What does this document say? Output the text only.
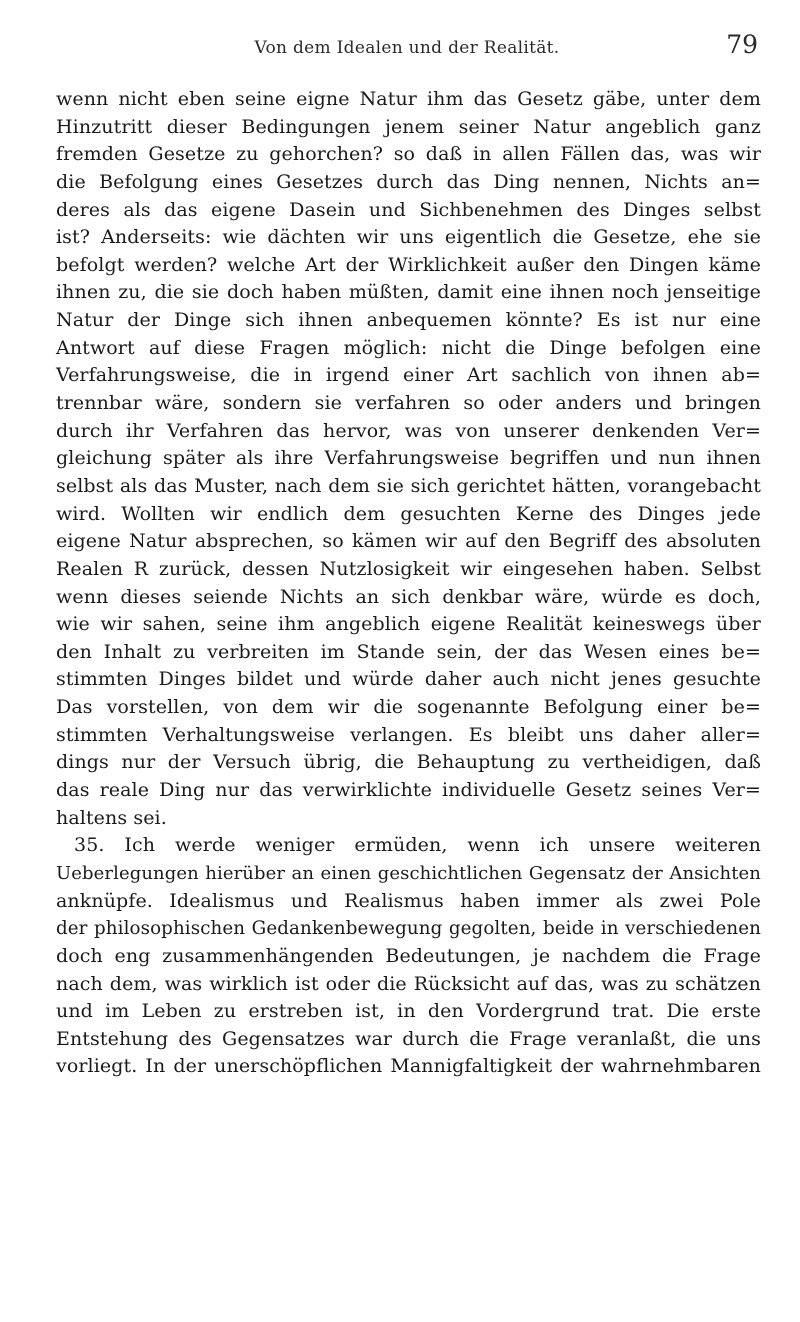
Von dem Idealen und der Realität.	79
wenn nicht eben seine eigne Natur ihm das Gesetz gäbe, unter dem
Hinzutritt dieser Bedingungen jenem seiner Natur angeblich ganz
fremden Gesetze zu gehorchen? so daß in allen Fällen das, was wir
die Befolgung eines Gesetzes durch das Ding nennen, Nichts an=
deres als das eigene Dasein und Sichbenehmen des Dinges selbst
ist? Anderseits: wie dächten wir uns eigentlich die Gesetze, ehe sie
befolgt werden? welche Art der Wirklichkeit außer den Dingen käme
ihnen zu, die sie doch haben müßten, damit eine ihnen noch jenseitige
Natur der Dinge sich ihnen anbequemen könnte? Es ist nur eine
Antwort auf diese Fragen möglich: nicht die Dinge befolgen eine
Verfahrungsweise, die in irgend einer Art sachlich von ihnen ab=
trennbar wäre, sondern sie verfahren so oder anders und bringen
durch ihr Verfahren das hervor, was von unserer denkenden Ver=
gleichung später als ihre Verfahrungsweise begriffen und nun ihnen
selbst als das Muster, nach dem sie sich gerichtet hätten, vorangebacht
wird. Wollten wir endlich dem gesuchten Kerne des Dinges jede
eigene Natur absprechen, so kämen wir auf den Begriff des absoluten
Realen R zurück, dessen Nutzlosigkeit wir eingesehen haben. Selbst
wenn dieses seiende Nichts an sich denkbar wäre, würde es doch,
wie wir sahen, seine ihm angeblich eigene Realität keineswegs über
den Inhalt zu verbreiten im Stande sein, der das Wesen eines be=
stimmten Dinges bildet und würde daher auch nicht jenes gesuchte
Das vorstellen, von dem wir die sogenannte Befolgung einer be=
stimmten Verhaltungsweise verlangen. Es bleibt uns daher aller=
dings nur der Versuch übrig, die Behauptung zu vertheidigen, daß
das reale Ding nur das verwirklichte individuelle Gesetz seines Ver=
haltens sei.
35. Ich werde weniger ermüden, wenn ich unsere weiteren
Ueberlegungen hierüber an einen geschichtlichen Gegensatz der Ansichten
anknüpfe. Idealismus und Realismus haben immer als zwei Pole
der philosophischen Gedankenbewegung gegolten, beide in verschiedenen
doch eng zusammenhängenden Bedeutungen, je nachdem die Frage
nach dem, was wirklich ist oder die Rücksicht auf das, was zu schätzen
und im Leben zu erstreben ist, in den Vordergrund trat. Die erste
Entstehung des Gegensatzes war durch die Frage veranlaßt, die uns
vorliegt. In der unerschöpflichen Mannigfaltigkeit der wahrnehmbaren
